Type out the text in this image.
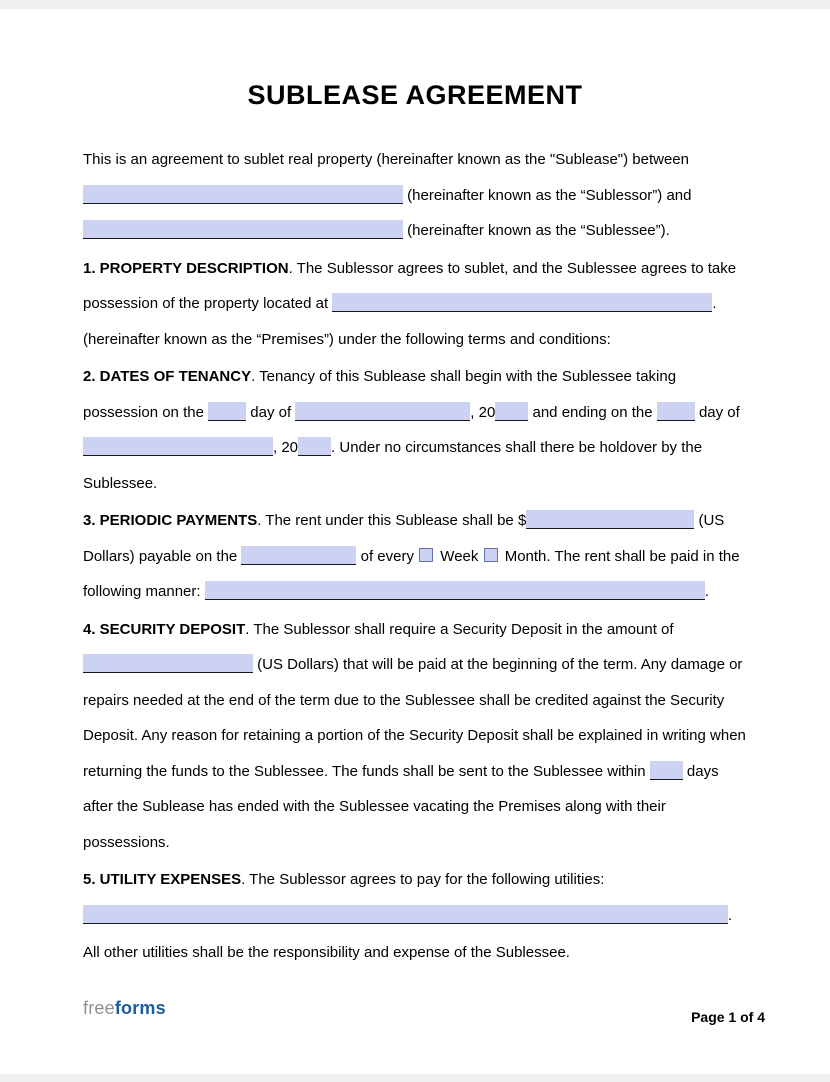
SUBLEASE AGREEMENT

This is an agreement to sublet real property (hereinafter known as the "Sublease") between  (hereinafter known as the “Sublessor”) and  (hereinafter known as the “Sublessee”).

1. PROPERTY DESCRIPTION. The Sublessor agrees to sublet, and the Sublessee agrees to take possession of the property located at	. (hereinafter known as the “Premises”) under the following terms and conditions:

2. DATES OF TENANCY. Tenancy of this Sublease shall begin with the Sublessee taking possession on the	day of	, 20 and ending on the	day of , 20 . Under no circumstances shall there be holdover by the Sublessee.

3. PERIODIC PAYMENTS. The rent under this Sublease shall be $	(US Dollars) payable on the	of every  Week  Month. The rent shall be paid in the following manner:	.

4. SECURITY DEPOSIT. The Sublessor shall require a Security Deposit in the amount of  (US Dollars) that will be paid at the beginning of the term. Any damage or repairs needed at the end of the term due to the Sublessee shall be credited against the Security Deposit. Any reason for retaining a portion of the Security Deposit shall be explained in writing when returning the funds to the Sublessee. The funds shall be sent to the Sublessee within  days after the Sublease has ended with the Sublessee vacating the Premises along with their possessions.

5. UTILITY EXPENSES. The Sublessor agrees to pay for the following utilities: .

All other utilities shall be the responsibility and expense of the Sublessee.

freeforms	Page 1 of 4
